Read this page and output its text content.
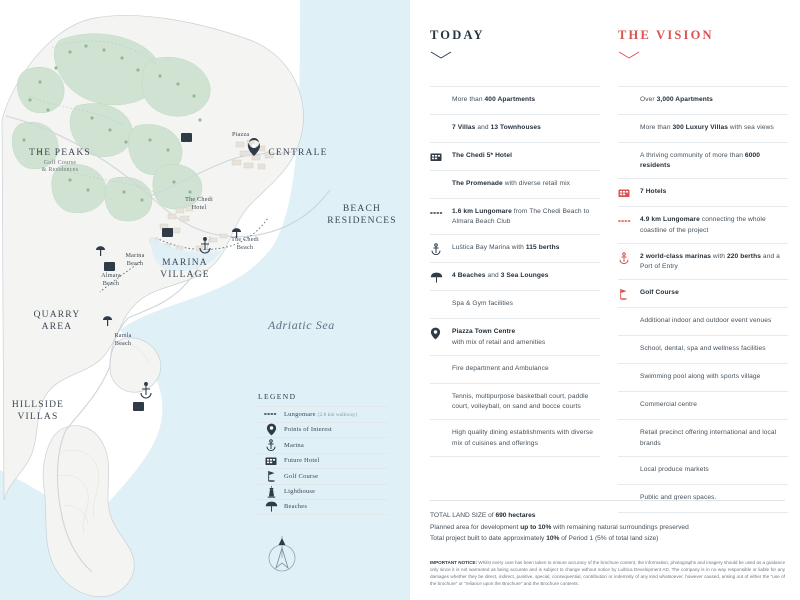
THE PEAKS
Golf Course
& Residences
CENTRALE
BEACH
RESIDENCES
MARINA
VILLAGE
QUARRY
AREA
HILLSIDE
VILLAS
Adriatic Sea
Piazza
The Chedi
Hotel
The Chedi
Beach
Marina
Beach
Almara
Beach
Ramla
Beach
LEGEND
Lungomare (2.8 km walkway)
Points of Interest
Marina
Future Hotel
Golf Course
Lighthouse
Beaches
TODAY
More than 400 Apartments
7 Villas and 13 Townhouses
The Chedi 5* Hotel
The Promenade with diverse retail mix
1.6 km Lungomare from The Chedi Beach to Almara Beach Club
Luštica Bay Marina with 115 berths
4 Beaches and 3 Sea Lounges
Spa & Gym facilities
Piazza Town Centre
with mix of retail and amenities
Fire department and Ambulance
Tennis, multipurpose basketball court, paddle court, volleyball, on sand and bocce courts
High quality dining establishments with diverse mix of cuisines and offerings
THE VISION
Over 3,000 Apartments
More than 300 Luxury Villas with sea views
A thriving community of more than 6000 residents
7 Hotels
4.9 km Lungomare connecting the whole coastline of the project
2 world-class marinas with 220 berths and a Port of Entry
Golf Course
Additional indoor and outdoor event venues
School, dental, spa and wellness facilities
Swimming pool along with sports village
Commercial centre
Retail precinct offering international and local brands
Local produce markets
Public and green spaces.
TOTAL LAND SIZE of 690 hectares
Planned area for development up to 10% with remaining natural surroundings preserved
Total project built to date approximately 10% of Period 1 (5% of total land size)
IMPORTANT NOTICE: Whilst every care has been taken to ensure accuracy of the brochure content, the information, photographs and imagery should be used as a guidance only since it is not warranted as being accurate and is subject to change without notice by Luštica Development AD. The company is in no way responsible or liable for any damages whether they be direct, indirect, punitive, special, consequential, contribution or indemnity of any kind whatsoever, however caused, arising out of either the "use of the brochure" or "reliance upon the Brochure" and the Brochure contents.
